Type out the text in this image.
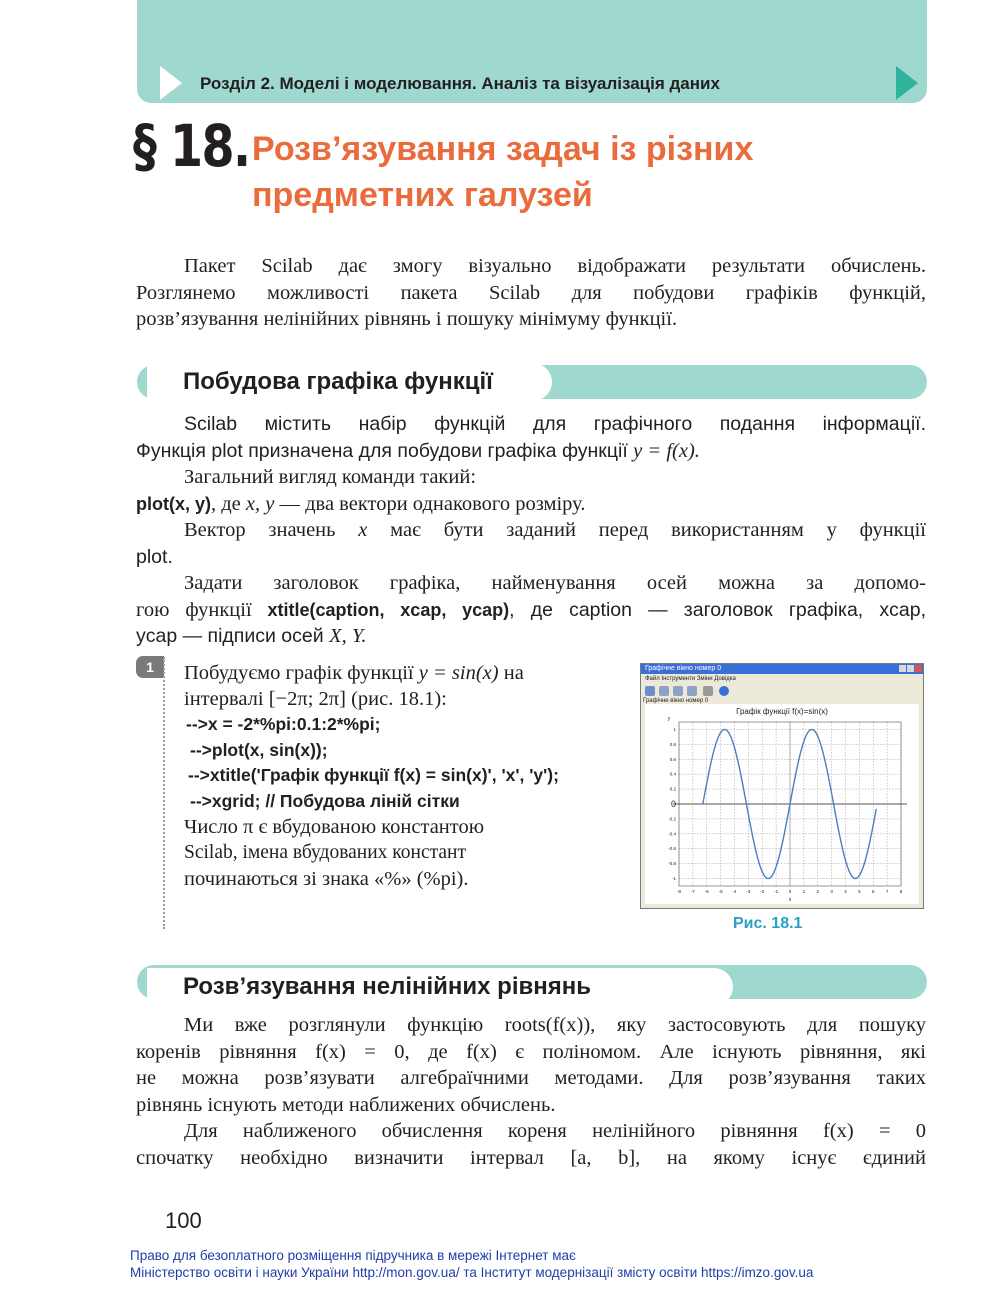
Розділ 2. Моделі і моделювання. Аналіз та візуалізація даних
§ 18. Розв’язування задач із різних
предметних галузей
Пакет Scilab дає змогу візуально відображати результати обчислень.
Розглянемо можливості пакета Scilab для побудови графіків функцій,
розв’язування нелінійних рівнянь і пошуку мінімуму функції.
Побудова графіка функції
Scilab містить набір функцій для графічного подання інформації.
Функція plot призначена для побудови графіка функції y = f(x).
Загальний вигляд команди такий:
plot(x, y), де x, y — два вектори однакового розміру.
Вектор значень x має бути заданий перед використанням у функції
plot.
Задати заголовок графіка, найменування осей можна за допомо-
гою функції xtitle(caption, xcap, ycap), де caption — заголовок графіка, xcap,
ycap — підписи осей X, Y.
1	Побудуємо графік функції y = sin(x) на
інтервалі [−2π; 2π] (рис. 18.1):
-->x = -2*%pi:0.1:2*%pi;
-->plot(x, sin(x));
-->xtitle('Графік функції f(x) = sin(x)', 'x', 'y');
-->xgrid; // Побудова ліній сітки
Число π є вбудованою константою
Scilab, імена вбудованих констант
починаються зі знака «%» (%pi).
Графічне вікно номер 0
Файл Інструменти Зміни Довідка
Графічне вікно номер 0
Графік функції f(x)=sin(x)
1
0.8
0.6
0.4
0.2
0
-0.2
-0.4
-0.6
-0.8
-1
-8 -7 -6 -5 -4 -3 -2 -1 0	1	2	3	4	5	6	7	8
x
y
Рис. 18.1
Розв’язування нелінійних рівнянь
Ми вже розглянули функцію roots(f(x)), яку застосовують для пошуку
коренів рівняння f(x) = 0, де f(x) є поліномом. Але існують рівняння, які
не можна розв’язувати алгебраїчними методами. Для розв’язування таких
рівнянь існують методи наближених обчислень.
Для наближеного обчислення кореня нелінійного рівняння f(x) = 0
спочатку необхідно визначити інтервал [a, b], на якому існує єдиний
100
Право для безоплатного розміщення підручника в мережі Інтернет має
Міністерство освіти і науки України http://mon.gov.ua/ та Інститут модернізації змісту освіти https://imzo.gov.ua
